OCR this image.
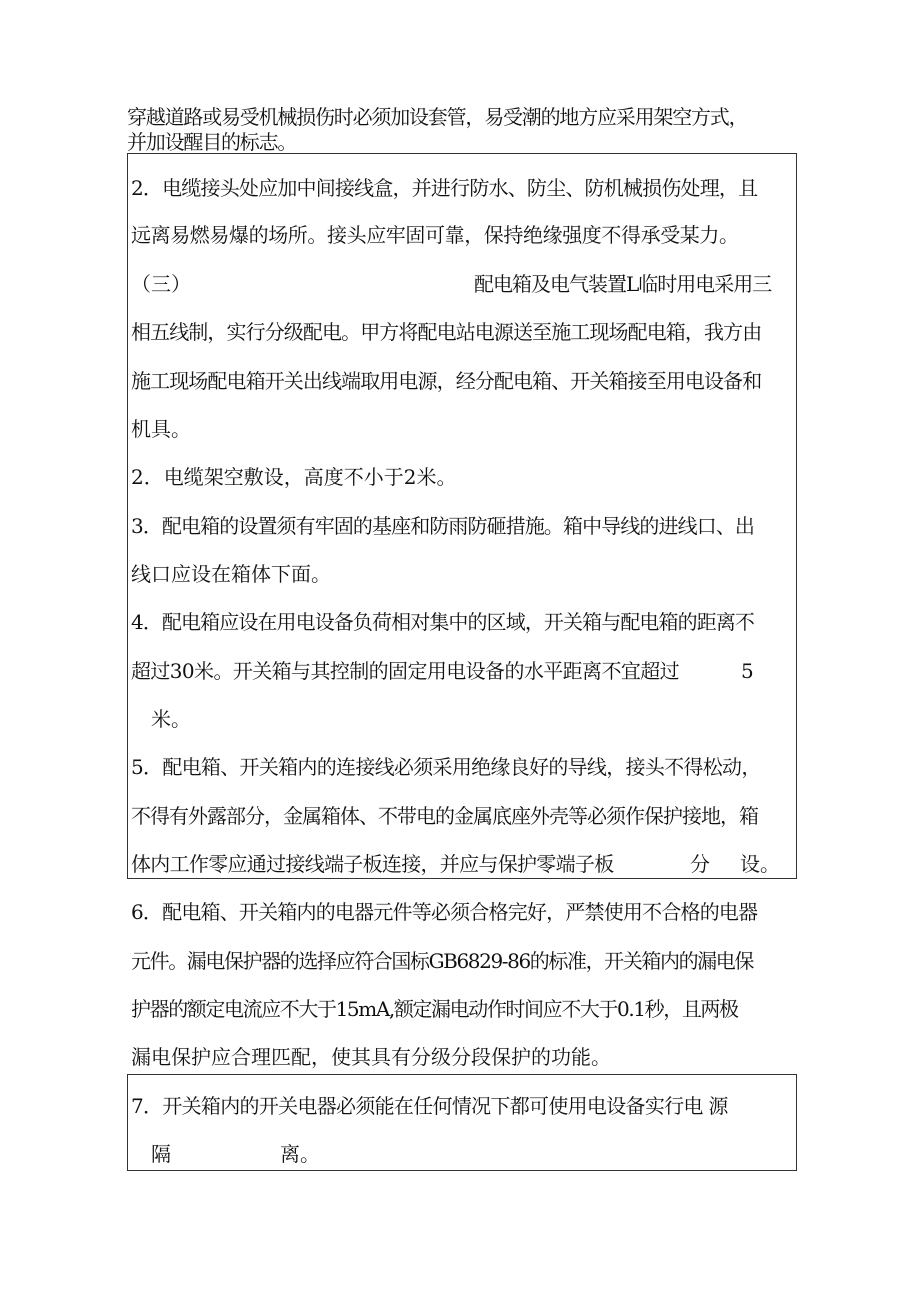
穿越道路或易受机械损伤时必须加设套管，易受潮的地方应采用架空方式，
并加设醒目的标志。
2．电缆接头处应加中间接线盒，并进行防水、防尘、防机械损伤处理，且
远离易燃易爆的场所。接头应牢固可靠，保持绝缘强度不得承受某力。
（三）	配电箱及电气装置L临时用电采用三
相五线制，实行分级配电。甲方将配电站电源送至施工现场配电箱，我方由
施工现场配电箱开关出线端取用电源，经分配电箱、开关箱接至用电设备和
机具。
2．电缆架空敷设，高度不小于2米。
3．配电箱的设置须有牢固的基座和防雨防砸措施。箱中导线的进线口、出
线口应设在箱体下面。
4．配电箱应设在用电设备负荷相对集中的区域，开关箱与配电箱的距离不
超过30米。开关箱与其控制的固定用电设备的水平距离不宜超过	5
米。
5．配电箱、开关箱内的连接线必须采用绝缘良好的导线，接头不得松动，
不得有外露部分，金属箱体、不带电的金属底座外壳等必须作保护接地，箱
体内工作零应通过接线端子板连接，并应与保护零端子板	分 设。
6．配电箱、开关箱内的电器元件等必须合格完好，严禁使用不合格的电器
元件。漏电保护器的选择应符合国标GB6829-86的标准，开关箱内的漏电保
护器的额定电流应不大于15mA,额定漏电动作时间应不大于0.1秒，且两极
漏电保护应合理匹配，使其具有分级分段保护的功能。
7．开关箱内的开关电器必须能在任何情况下都可使用电设备实行电 源
隔	离。
